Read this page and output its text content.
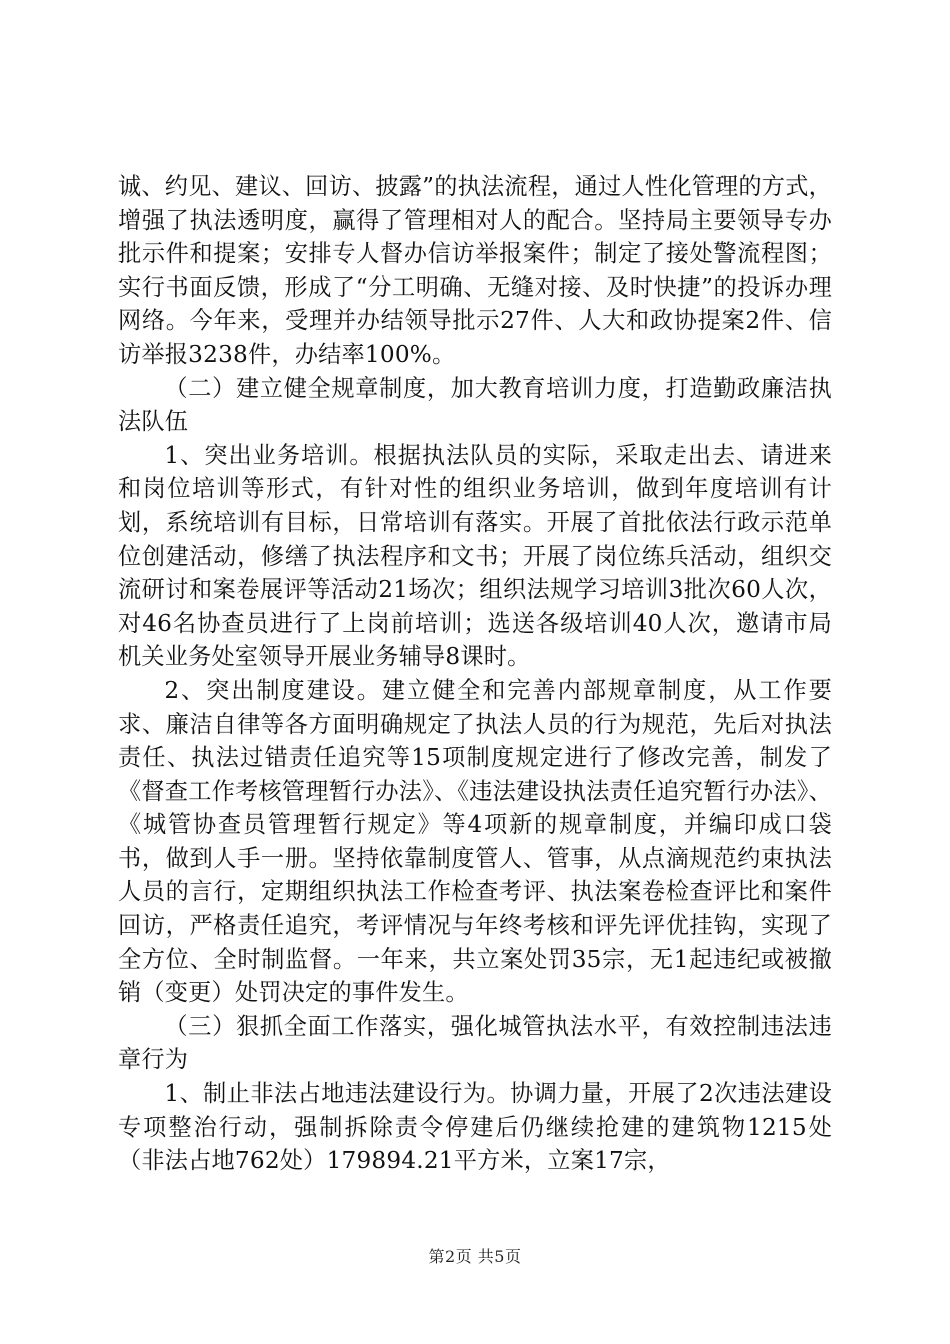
诚、约见、建议、回访、披露”的执法流程，通过人性化管理的方式，增强了执法透明度，赢得了管理相对人的配合。坚持局主要领导专办批示件和提案；安排专人督办信访举报案件；制定了接处警流程图；实行书面反馈，形成了“分工明确、无缝对接、及时快捷”的投诉办理网络。今年来，受理并办结领导批示27件、人大和政协提案2件、信访举报3238件，办结率100%。

（二）建立健全规章制度，加大教育培训力度，打造勤政廉洁执法队伍

1、突出业务培训。根据执法队员的实际，采取走出去、请进来和岗位培训等形式，有针对性的组织业务培训，做到年度培训有计划，系统培训有目标，日常培训有落实。开展了首批依法行政示范单位创建活动，修缮了执法程序和文书；开展了岗位练兵活动，组织交流研讨和案卷展评等活动21场次；组织法规学习培训3批次60人次，对46名协查员进行了上岗前培训；选送各级培训40人次，邀请市局机关业务处室领导开展业务辅导8课时。

2、突出制度建设。建立健全和完善内部规章制度，从工作要求、廉洁自律等各方面明确规定了执法人员的行为规范，先后对执法责任、执法过错责任追究等15项制度规定进行了修改完善，制发了《督查工作考核管理暂行办法》、《违法建设执法责任追究暂行办法》、《城管协查员管理暂行规定》等4项新的规章制度，并编印成口袋书，做到人手一册。坚持依靠制度管人、管事，从点滴规范约束执法人员的言行，定期组织执法工作检查考评、执法案卷检查评比和案件回访，严格责任追究，考评情况与年终考核和评先评优挂钩，实现了全方位、全时制监督。一年来，共立案处罚35宗，无1起违纪或被撤销（变更）处罚决定的事件发生。

（三）狠抓全面工作落实，强化城管执法水平，有效控制违法违章行为

1、制止非法占地违法建设行为。协调力量，开展了2次违法建设专项整治行动，强制拆除责令停建后仍继续抢建的建筑物1215处（非法占地762处）179894.21平方米，立案17宗，

第2页 共5页
